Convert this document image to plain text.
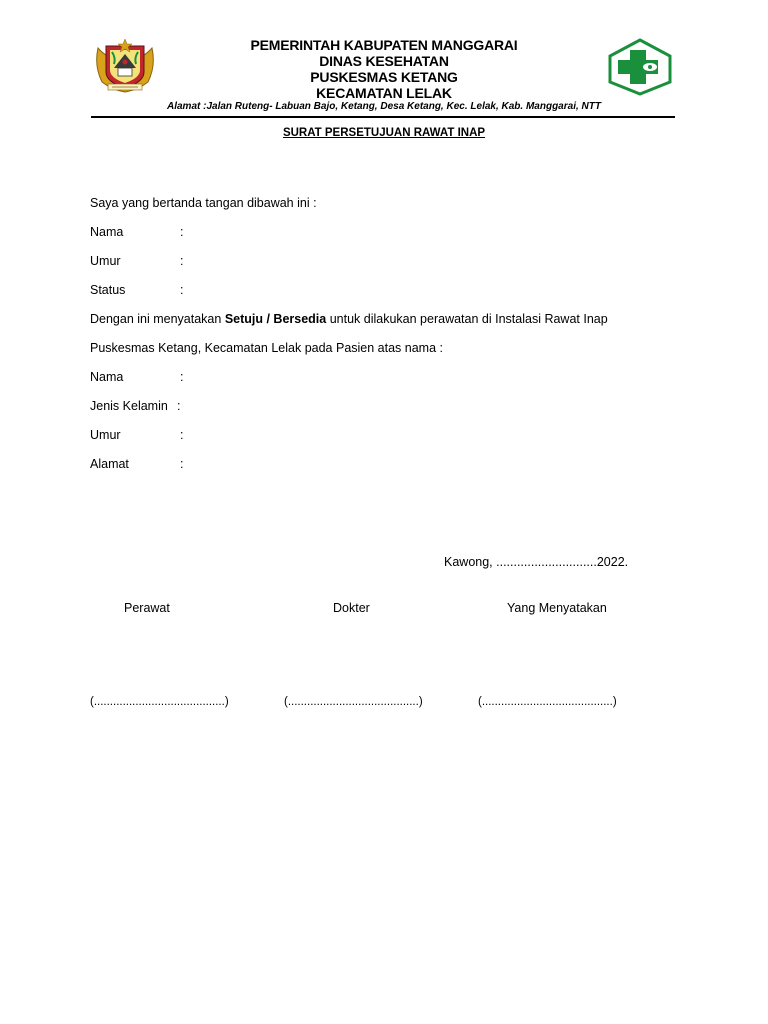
PEMERINTAH KABUPATEN MANGGARAI
DINAS KESEHATAN
PUSKESMAS KETANG
KECAMATAN LELAK
Alamat :Jalan Ruteng- Labuan Bajo, Ketang, Desa Ketang, Kec. Lelak, Kab. Manggarai, NTT
SURAT PERSETUJUAN RAWAT INAP
Saya yang bertanda tangan dibawah ini :
Nama	:
Umur	:
Status	:
Dengan ini menyatakan Setuju / Bersedia untuk dilakukan perawatan di Instalasi Rawat Inap
Puskesmas Ketang, Kecamatan Lelak pada Pasien atas nama :
Nama	:
Jenis Kelamin :
Umur	:
Alamat	:
Kawong, .............................2022.
Perawat	Dokter	Yang Menyatakan
(.........................................)	(.........................................)	(.........................................)
